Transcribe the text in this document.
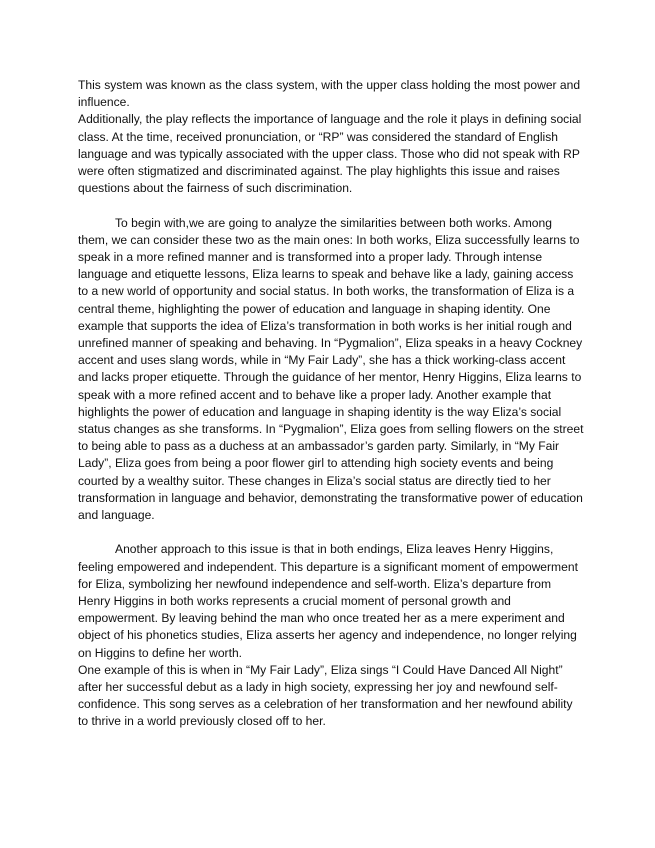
This system was known as the class system, with the upper class holding the most power and influence.

Additionally, the play reflects the importance of language and the role it plays in defining social class. At the time, received pronunciation, or “RP” was considered the standard of English language and was typically associated with the upper class. Those who did not speak with RP were often stigmatized and discriminated against. The play highlights this issue and raises questions about the fairness of such discrimination.

To begin with,we are going to analyze the similarities between both works. Among them, we can consider these two as the main ones: In both works, Eliza successfully learns to speak in a more refined manner and is transformed into a proper lady. Through intense language and etiquette lessons, Eliza learns to speak and behave like a lady, gaining access to a new world of opportunity and social status. In both works, the transformation of Eliza is a central theme, highlighting the power of education and language in shaping identity. One example that supports the idea of Eliza’s transformation in both works is her initial rough and unrefined manner of speaking and behaving. In “Pygmalion”, Eliza speaks in a heavy Cockney accent and uses slang words, while in “My Fair Lady”, she has a thick working-class accent and lacks proper etiquette. Through the guidance of her mentor, Henry Higgins, Eliza learns to speak with a more refined accent and to behave like a proper lady. Another example that highlights the power of education and language in shaping identity is the way Eliza’s social status changes as she transforms. In “Pygmalion”, Eliza goes from selling flowers on the street to being able to pass as a duchess at an ambassador’s garden party. Similarly, in “My Fair Lady”, Eliza goes from being a poor flower girl to attending high society events and being courted by a wealthy suitor. These changes in Eliza’s social status are directly tied to her transformation in language and behavior, demonstrating the transformative power of education and language.

Another approach to this issue is that in both endings, Eliza leaves Henry Higgins, feeling empowered and independent. This departure is a significant moment of empowerment for Eliza, symbolizing her newfound independence and self-worth. Eliza’s departure from Henry Higgins in both works represents a crucial moment of personal growth and empowerment. By leaving behind the man who once treated her as a mere experiment and object of his phonetics studies, Eliza asserts her agency and independence, no longer relying on Higgins to define her worth.

One example of this is when in “My Fair Lady”, Eliza sings “I Could Have Danced All Night” after her successful debut as a lady in high society, expressing her joy and newfound self-confidence. This song serves as a celebration of her transformation and her newfound ability to thrive in a world previously closed off to her.
